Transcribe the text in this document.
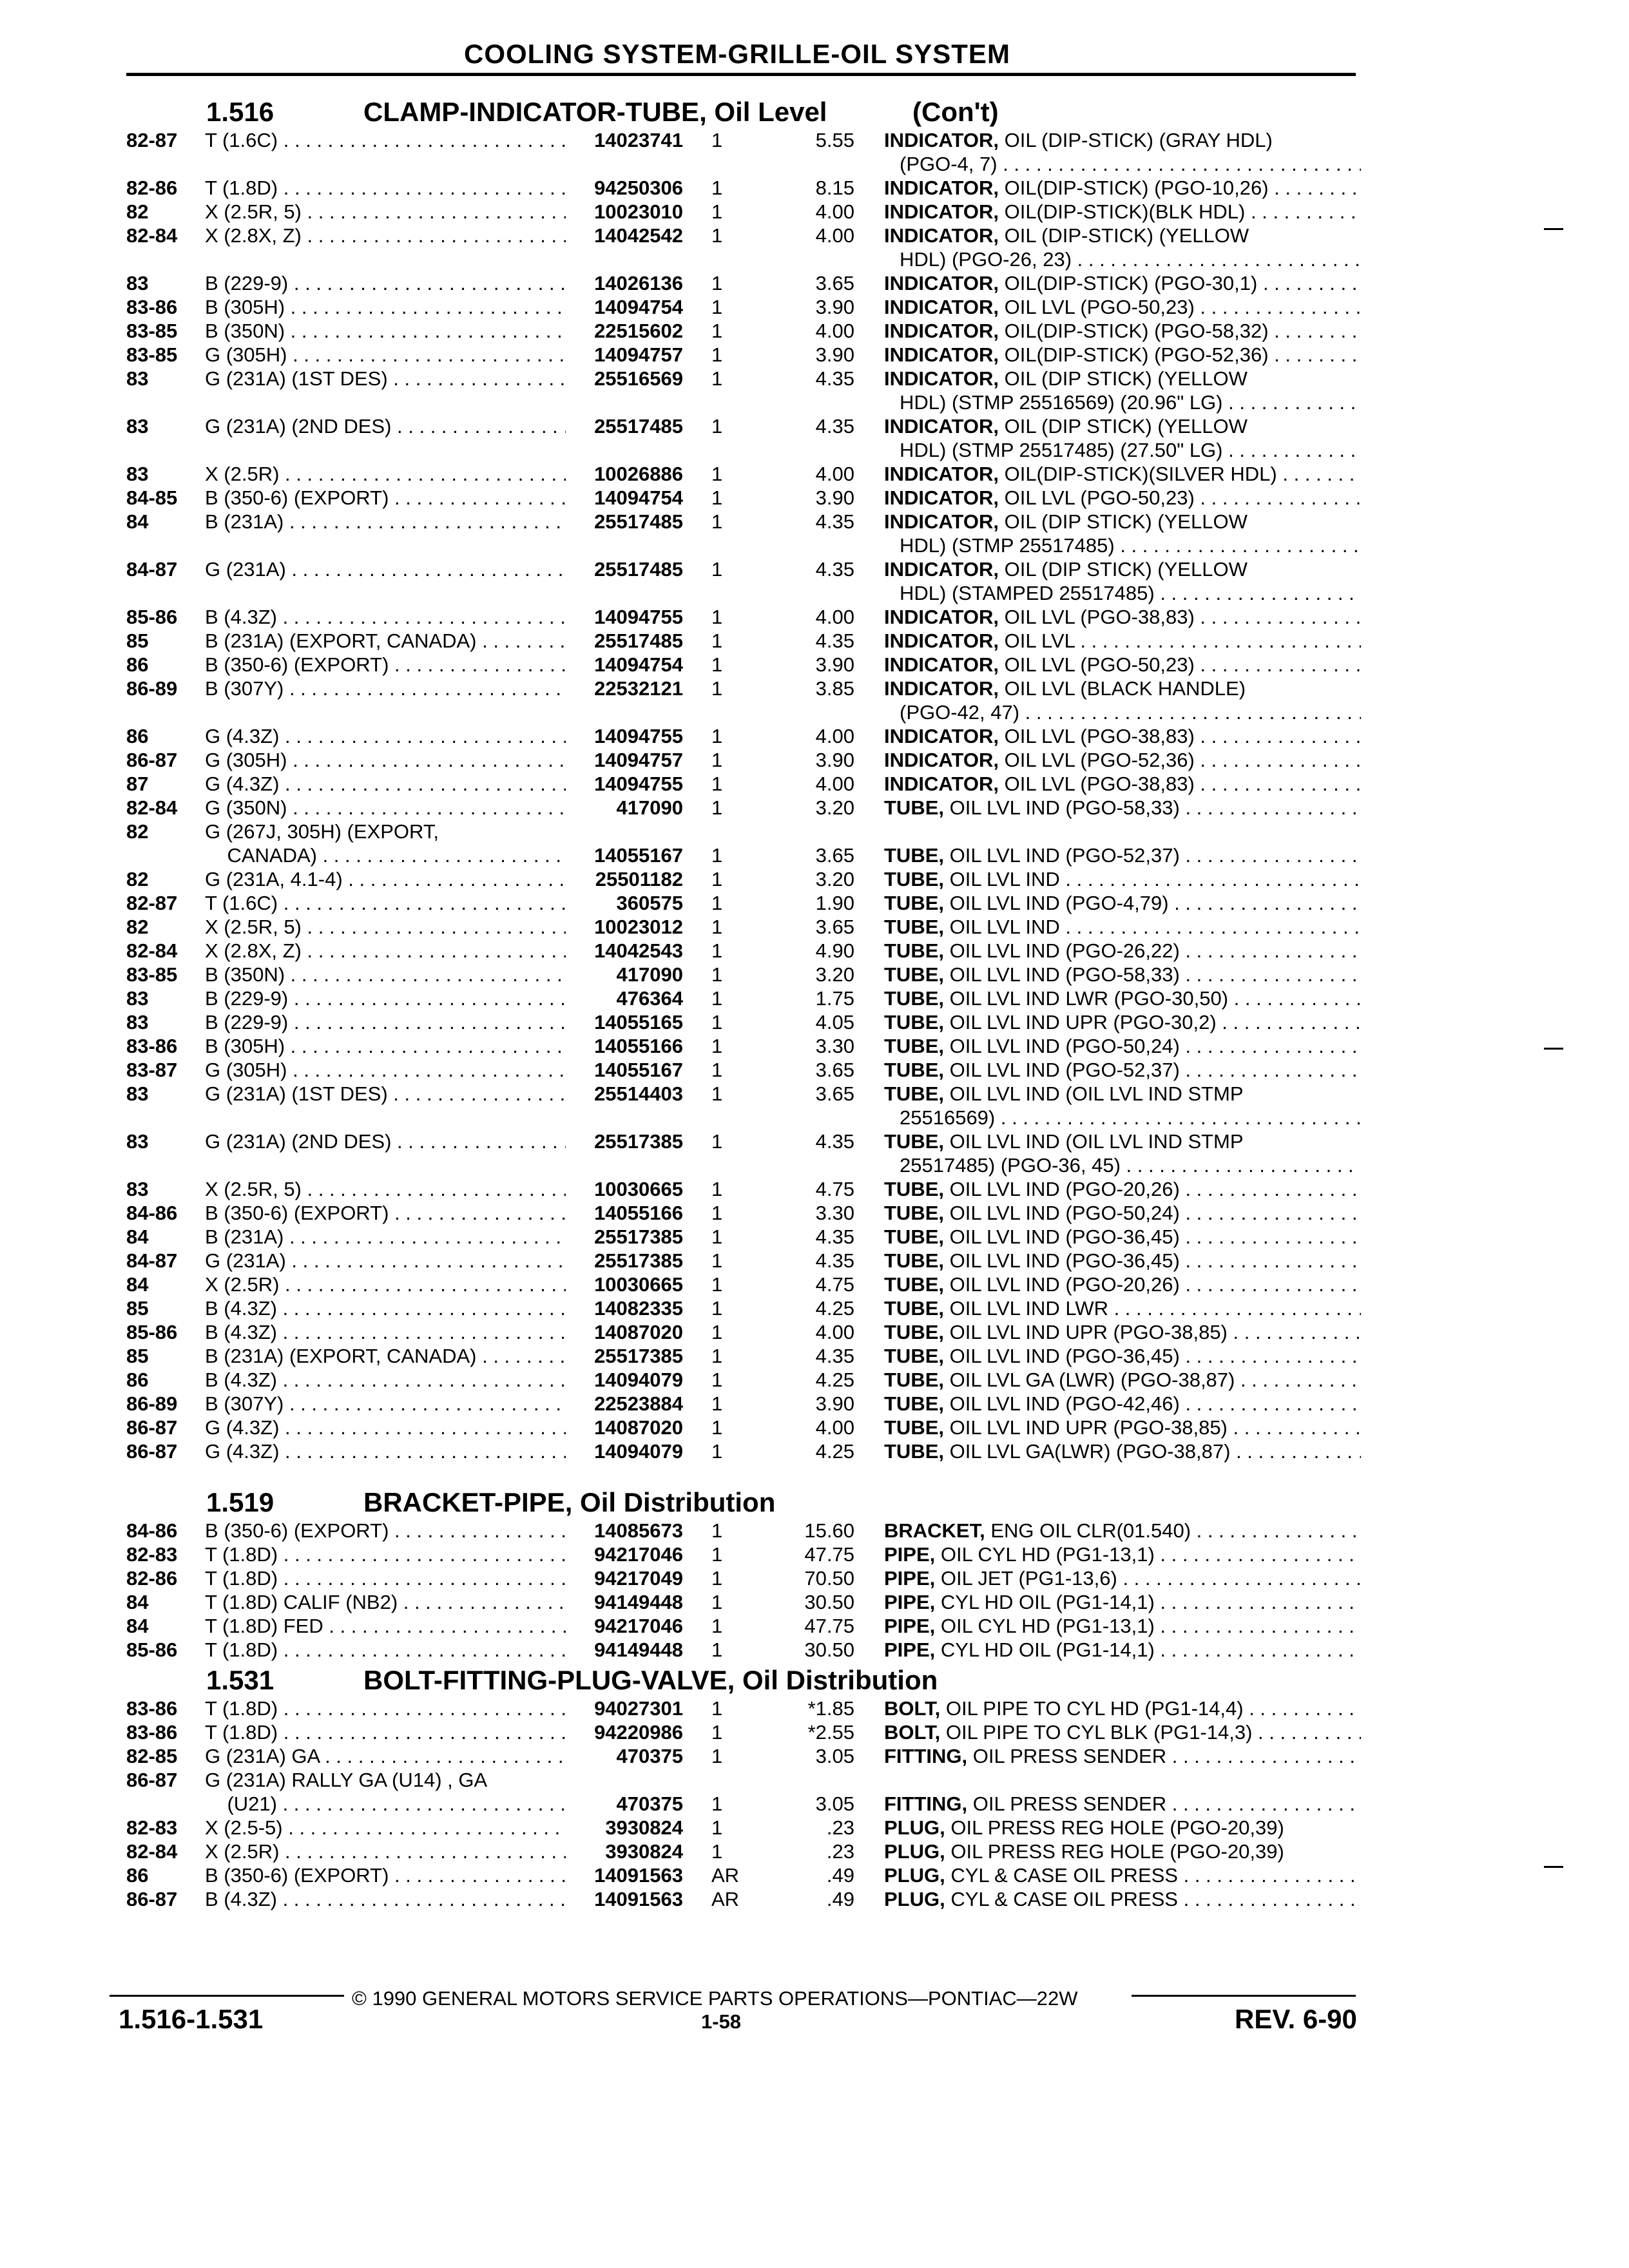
COOLING SYSTEM-GRILLE-OIL SYSTEM
1.516	CLAMP-INDICATOR-TUBE, Oil Level	(Con't)
82-87 T (1.6C) . . .	14023741 1	5.55 INDICATOR, OIL (DIP-STICK) (GRAY HDL)
(PGO-4, 7) . . .
82-86 T (1.8D) . . .	94250306 1	8.15 INDICATOR, OIL(DIP-STICK) (PGO-10,26) . . .
82	X (2.5R, 5) . . .	10023010 1	4.00 INDICATOR, OIL(DIP-STICK)(BLK HDL) . . .
82-84 X (2.8X, Z) . . .	14042542 1	4.00 INDICATOR, OIL (DIP-STICK) (YELLOW
HDL) (PGO-26, 23) . . .
83	B (229-9) . . .	14026136 1	3.65 INDICATOR, OIL(DIP-STICK) (PGO-30,1) . . .
83-86 B (305H) . . .	14094754 1	3.90 INDICATOR, OIL LVL (PGO-50,23) . . .
83-85 B (350N) . . .	22515602 1	4.00 INDICATOR, OIL(DIP-STICK) (PGO-58,32) . . .
83-85 G (305H) . . .	14094757 1	3.90 INDICATOR, OIL(DIP-STICK) (PGO-52,36) . . .
83	G (231A) (1ST DES) . . .	25516569 1	4.35 INDICATOR, OIL (DIP STICK) (YELLOW
HDL) (STMP 25516569) (20.96" LG) . . .
83	G (231A) (2ND DES) . . .	25517485 1	4.35 INDICATOR, OIL (DIP STICK) (YELLOW
HDL) (STMP 25517485) (27.50" LG) . . .
83	X (2.5R) . . .	10026886 1	4.00 INDICATOR, OIL(DIP-STICK)(SILVER HDL) . . .
84-85 B (350-6) (EXPORT) . . .	14094754 1	3.90 INDICATOR, OIL LVL (PGO-50,23) . . .
84	B (231A) . . .	25517485 1	4.35 INDICATOR, OIL (DIP STICK) (YELLOW
HDL) (STMP 25517485) . . .
84-87 G (231A) . . .	25517485 1	4.35 INDICATOR, OIL (DIP STICK) (YELLOW
HDL) (STAMPED 25517485) . . .
85-86 B (4.3Z) . . .	14094755 1	4.00 INDICATOR, OIL LVL (PGO-38,83) . . .
85	B (231A) (EXPORT, CANADA) . . .	25517485 1	4.35 INDICATOR, OIL LVL . . .
86	B (350-6) (EXPORT) . . .	14094754 1	3.90 INDICATOR, OIL LVL (PGO-50,23) . . .
86-89 B (307Y) . . .	22532121 1	3.85 INDICATOR, OIL LVL (BLACK HANDLE)
(PGO-42, 47) . . .
86	G (4.3Z) . . .	14094755 1	4.00 INDICATOR, OIL LVL (PGO-38,83) . . .
86-87 G (305H) . . .	14094757 1	3.90 INDICATOR, OIL LVL (PGO-52,36) . . .
87	G (4.3Z) . . .	14094755 1	4.00 INDICATOR, OIL LVL (PGO-38,83) . . .
82-84 G (350N) . . .	417090 1	3.20 TUBE, OIL LVL IND (PGO-58,33) . . .
82	G (267J, 305H) (EXPORT,
CANADA) . . .	14055167 1	3.65 TUBE, OIL LVL IND (PGO-52,37) . . .
82	G (231A, 4.1-4) . . .	25501182 1	3.20 TUBE, OIL LVL IND . . .
82-87 T (1.6C) . . .	360575 1	1.90 TUBE, OIL LVL IND (PGO-4,79) . . .
82	X (2.5R, 5) . . .	10023012 1	3.65 TUBE, OIL LVL IND . . .
82-84 X (2.8X, Z) . . .	14042543 1	4.90 TUBE, OIL LVL IND (PGO-26,22) . . .
83-85 B (350N) . . .	417090 1	3.20 TUBE, OIL LVL IND (PGO-58,33) . . .
83	B (229-9) . . .	476364 1	1.75 TUBE, OIL LVL IND LWR (PGO-30,50) . . .
83	B (229-9) . . .	14055165 1	4.05 TUBE, OIL LVL IND UPR (PGO-30,2) . . .
83-86 B (305H) . . .	14055166 1	3.30 TUBE, OIL LVL IND (PGO-50,24) . . .
83-87 G (305H) . . .	14055167 1	3.65 TUBE, OIL LVL IND (PGO-52,37) . . .
83	G (231A) (1ST DES) . . .	25514403 1	3.65 TUBE, OIL LVL IND (OIL LVL IND STMP
25516569) . . .
83	G (231A) (2ND DES) . . .	25517385 1	4.35 TUBE, OIL LVL IND (OIL LVL IND STMP
25517485) (PGO-36, 45) . . .
83	X (2.5R, 5) . . .	10030665 1	4.75 TUBE, OIL LVL IND (PGO-20,26) . . .
84-86 B (350-6) (EXPORT) . . .	14055166 1	3.30 TUBE, OIL LVL IND (PGO-50,24) . . .
84	B (231A) . . .	25517385 1	4.35 TUBE, OIL LVL IND (PGO-36,45) . . .
84-87 G (231A) . . .	25517385 1	4.35 TUBE, OIL LVL IND (PGO-36,45) . . .
84	X (2.5R) . . .	10030665 1	4.75 TUBE, OIL LVL IND (PGO-20,26) . . .
85	B (4.3Z) . . .	14082335 1	4.25 TUBE, OIL LVL IND LWR . . .
85-86 B (4.3Z) . . .	14087020 1	4.00 TUBE, OIL LVL IND UPR (PGO-38,85) . . .
85	B (231A) (EXPORT, CANADA) . . .	25517385 1	4.35 TUBE, OIL LVL IND (PGO-36,45) . . .
86	B (4.3Z) . . .	14094079 1	4.25 TUBE, OIL LVL GA (LWR) (PGO-38,87) . . .
86-89 B (307Y) . . .	22523884 1	3.90 TUBE, OIL LVL IND (PGO-42,46) . . .
86-87 G (4.3Z) . . .	14087020 1	4.00 TUBE, OIL LVL IND UPR (PGO-38,85) . . .
86-87 G (4.3Z) . . .	14094079 1	4.25 TUBE, OIL LVL GA(LWR) (PGO-38,87) . . .
1.519	BRACKET-PIPE, Oil Distribution
84-86 B (350-6) (EXPORT) . . .	14085673 1	15.60 BRACKET, ENG OIL CLR(01.540) . . .
82-83 T (1.8D) . . .	94217046 1	47.75 PIPE, OIL CYL HD (PG1-13,1) . . .
82-86 T (1.8D) . . .	94217049 1	70.50 PIPE, OIL JET (PG1-13,6) . . .
84	T (1.8D) CALIF (NB2) . . .	94149448 1	30.50 PIPE, CYL HD OIL (PG1-14,1) . . .
84	T (1.8D) FED . . .	94217046 1	47.75 PIPE, OIL CYL HD (PG1-13,1) . . .
85-86 T (1.8D) . . .	94149448 1	30.50 PIPE, CYL HD OIL (PG1-14,1) . . .
1.531	BOLT-FITTING-PLUG-VALVE, Oil Distribution
83-86 T (1.8D) . . .	94027301 1	*1.85 BOLT, OIL PIPE TO CYL HD (PG1-14,4) . . .
83-86 T (1.8D) . . .	94220986 1	*2.55 BOLT, OIL PIPE TO CYL BLK (PG1-14,3) . . .
82-85 G (231A) GA . . .	470375 1	3.05 FITTING, OIL PRESS SENDER . . .
86-87 G (231A) RALLY GA (U14) , GA
(U21) . . .	470375 1	3.05 FITTING, OIL PRESS SENDER . . .
82-83 X (2.5-5) . . .	3930824 1	.23 PLUG, OIL PRESS REG HOLE (PGO-20,39)
82-84 X (2.5R) . . .	3930824 1	.23 PLUG, OIL PRESS REG HOLE (PGO-20,39)
86	B (350-6) (EXPORT) . . .	14091563 AR	.49 PLUG, CYL & CASE OIL PRESS . . .
86-87 B (4.3Z) . . .	14091563 AR	.49 PLUG, CYL & CASE OIL PRESS . . .
© 1990 GENERAL MOTORS SERVICE PARTS OPERATIONS—PONTIAC—22W
1.516-1.531	1-58	REV. 6-90
